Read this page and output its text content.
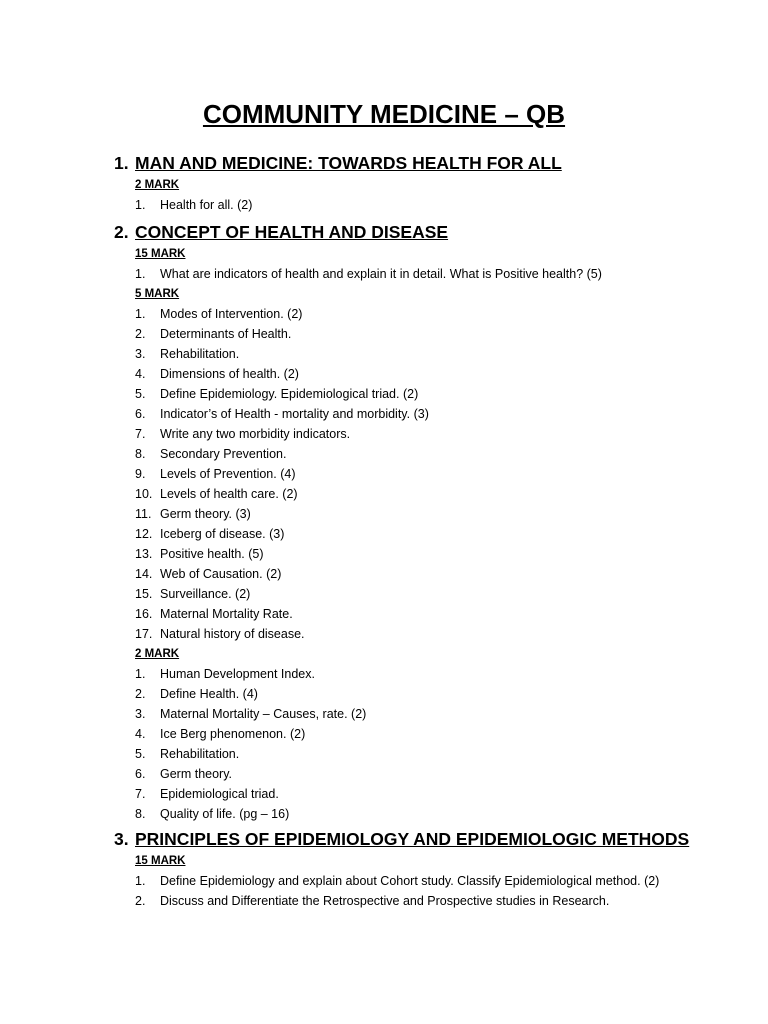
COMMUNITY MEDICINE – QB
1. MAN AND MEDICINE: TOWARDS HEALTH FOR ALL
2 MARK
1.	Health for all. (2)
2. CONCEPT OF HEALTH AND DISEASE
15 MARK
1.	What are indicators of health and explain it in detail. What is Positive health? (5)
5 MARK
1.	Modes of Intervention. (2)
2.	Determinants of Health.
3.	Rehabilitation.
4.	Dimensions of health. (2)
5.	Define Epidemiology. Epidemiological triad. (2)
6.	Indicator’s of Health - mortality and morbidity. (3)
7.	Write any two morbidity indicators.
8.	Secondary Prevention.
9.	Levels of Prevention. (4)
10. Levels of health care. (2)
11. Germ theory. (3)
12. Iceberg of disease. (3)
13. Positive health. (5)
14. Web of Causation. (2)
15. Surveillance. (2)
16. Maternal Mortality Rate.
17. Natural history of disease.
2 MARK
1.	Human Development Index.
2.	Define Health. (4)
3.	Maternal Mortality – Causes, rate. (2)
4.	Ice Berg phenomenon. (2)
5.	Rehabilitation.
6.	Germ theory.
7.	Epidemiological triad.
8.	Quality of life. (pg – 16)
3. PRINCIPLES OF EPIDEMIOLOGY AND EPIDEMIOLOGIC METHODS
15 MARK
1.	Define Epidemiology and explain about Cohort study. Classify Epidemiological method. (2)
2.	Discuss and Differentiate the Retrospective and Prospective studies in Research.
